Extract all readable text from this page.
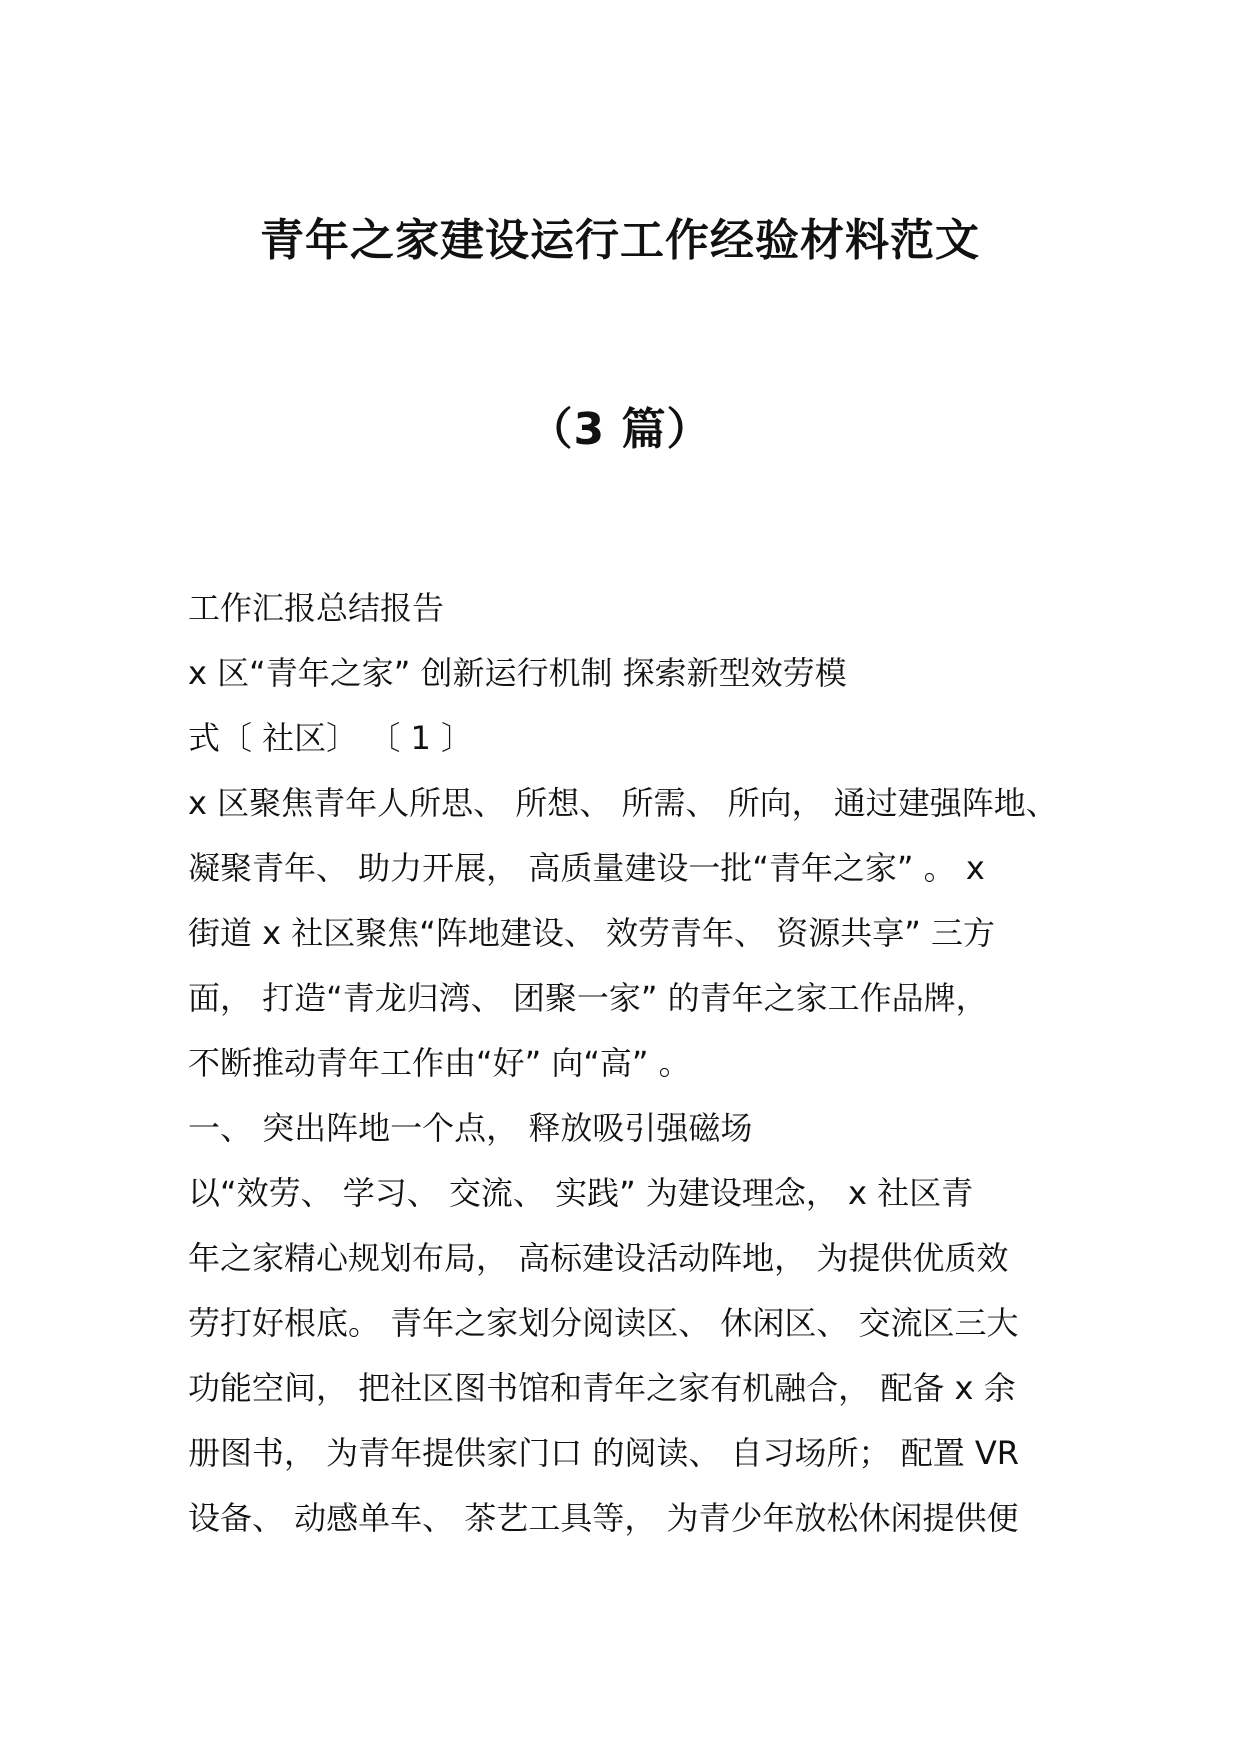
青年之家建设运行工作经验材料范文
（3 篇）
工作汇报总结报告
x 区“青年之家” 创新运行机制 探索新型效劳模
式〔 社区〕 〔 1 〕
x 区聚焦青年人所思、 所想、 所需、 所向， 通过建强阵地、
凝聚青年、 助力开展， 高质量建设一批“青年之家” 。 x
街道 x 社区聚焦“阵地建设、 效劳青年、 资源共享” 三方
面， 打造“青龙归湾、 团聚一家” 的青年之家工作品牌，
不断推动青年工作由“好” 向“高” 。
一、 突出阵地一个点， 释放吸引强磁场
以“效劳、 学习、 交流、 实践” 为建设理念， x 社区青
年之家精心规划布局， 高标建设活动阵地， 为提供优质效
劳打好根底。 青年之家划分阅读区、 休闲区、 交流区三大
功能空间， 把社区图书馆和青年之家有机融合， 配备 x 余
册图书， 为青年提供家门口 的阅读、 自习场所； 配置 VR
设备、 动感单车、 茶艺工具等， 为青少年放松休闲提供便
